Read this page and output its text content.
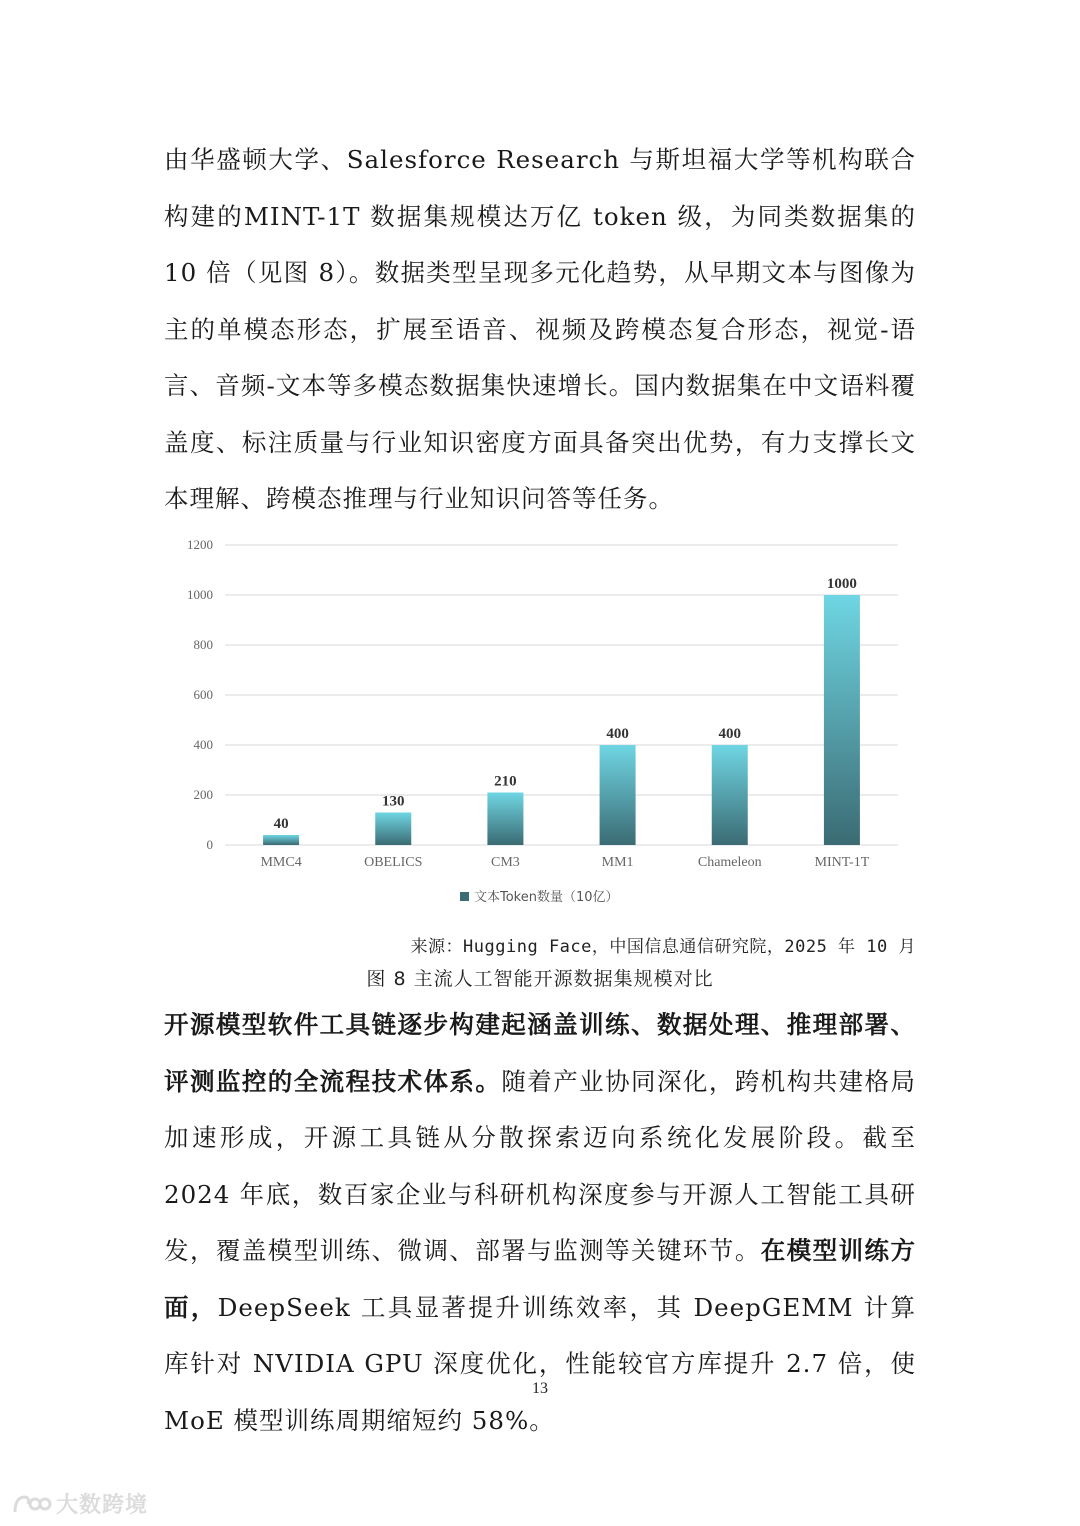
由华盛顿大学、Salesforce Research 与斯坦福大学等机构联合构建的MINT-1T 数据集规模达万亿 token 级，为同类数据集的 10 倍（见图 8）。数据类型呈现多元化趋势，从早期文本与图像为主的单模态形态，扩展至语音、视频及跨模态复合形态，视觉-语言、音频-文本等多模态数据集快速增长。国内数据集在中文语料覆盖度、标注质量与行业知识密度方面具备突出优势，有力支撑长文本理解、跨模态推理与行业知识问答等任务。

0
200
400
600
800
1000
1200
40
MMC4
130
OBELICS
210
CM3
400
MM1
400
Chameleon
1000
MINT-1T
文本Token数量（10亿）
来源：Hugging Face，中国信息通信研究院，2025 年 10 月
图 8 主流人工智能开源数据集规模对比

开源模型软件工具链逐步构建起涵盖训练、数据处理、推理部署、评测监控的全流程技术体系。随着产业协同深化，跨机构共建格局加速形成，开源工具链从分散探索迈向系统化发展阶段。截至 2024 年底，数百家企业与科研机构深度参与开源人工智能工具研发，覆盖模型训练、微调、部署与监测等关键环节。在模型训练方面，DeepSeek 工具显著提升训练效率，其 DeepGEMM 计算库针对 NVIDIA GPU 深度优化，性能较官方库提升 2.7 倍，使 MoE 模型训练周期缩短约 58%。

13
大数跨境
